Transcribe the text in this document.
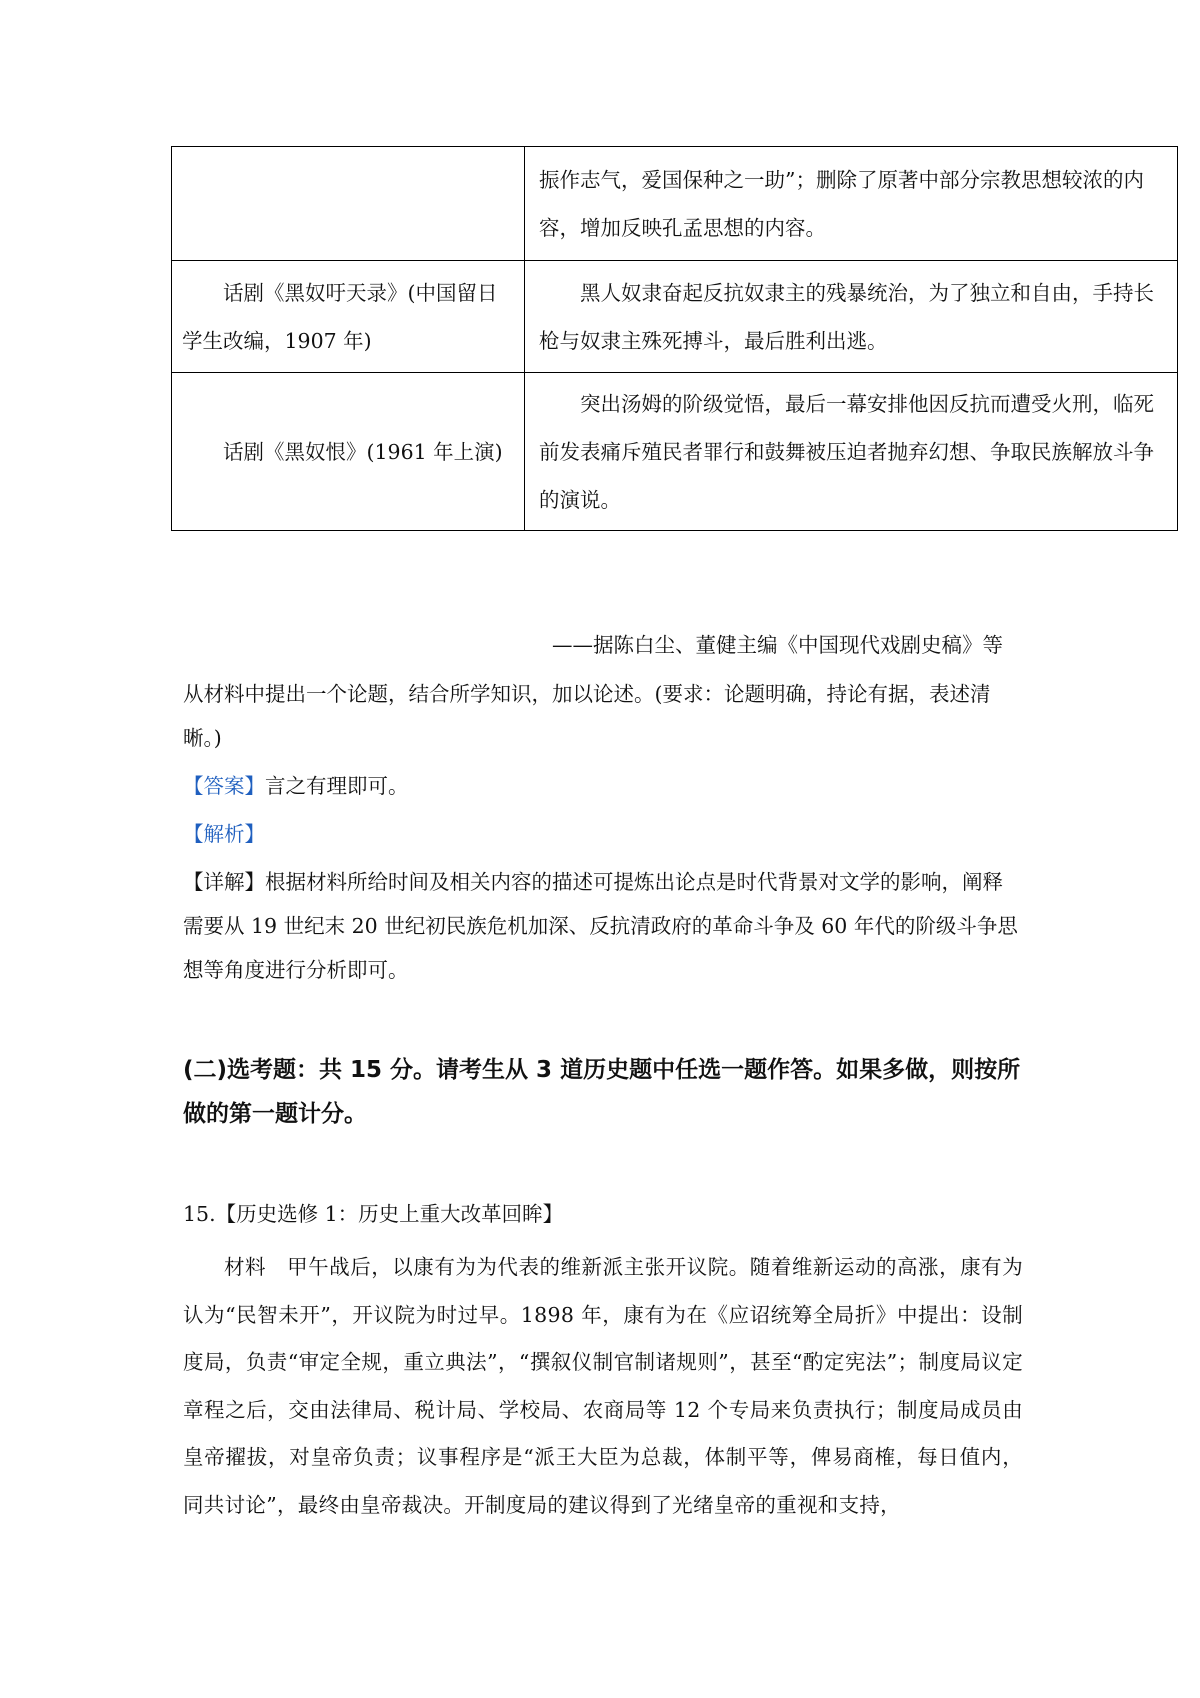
	振作志气，爱国保种之一助”；删除了原著中部分宗教思想较浓的内容，增加反映孔孟思想的内容。
话剧《黑奴吁天录》(中国留日学生改编，1907 年)	黑人奴隶奋起反抗奴隶主的残暴统治，为了独立和自由，手持长枪与奴隶主殊死搏斗，最后胜利出逃。
话剧《黑奴恨》(1961 年上演)	突出汤姆的阶级觉悟，最后一幕安排他因反抗而遭受火刑，临死前发表痛斥殖民者罪行和鼓舞被压迫者抛弃幻想、争取民族解放斗争的演说。
——据陈白尘、董健主编《中国现代戏剧史稿》等
从材料中提出一个论题，结合所学知识，加以论述。(要求：论题明确，持论有据，表述清晰。)
【答案】言之有理即可。
【解析】
【详解】根据材料所给时间及相关内容的描述可提炼出论点是时代背景对文学的影响，阐释需要从 19 世纪末 20 世纪初民族危机加深、反抗清政府的革命斗争及 60 年代的阶级斗争思想等角度进行分析即可。
(二)选考题：共 15 分。请考生从 3 道历史题中任选一题作答。如果多做，则按所做的第一题计分。
15.【历史选修 1：历史上重大改革回眸】
材料　甲午战后，以康有为为代表的维新派主张开议院。随着维新运动的高涨，康有为认为“民智未开”，开议院为时过早。1898 年，康有为在《应诏统筹全局折》中提出：设制度局，负责“审定全规，重立典法”，“撰叙仪制官制诸规则”，甚至“酌定宪法”；制度局议定章程之后，交由法律局、税计局、学校局、农商局等 12 个专局来负责执行；制度局成员由皇帝擢拔，对皇帝负责；议事程序是“派王大臣为总裁，体制平等，俾易商榷，每日值内，同共讨论”，最终由皇帝裁决。开制度局的建议得到了光绪皇帝的重视和支持，
